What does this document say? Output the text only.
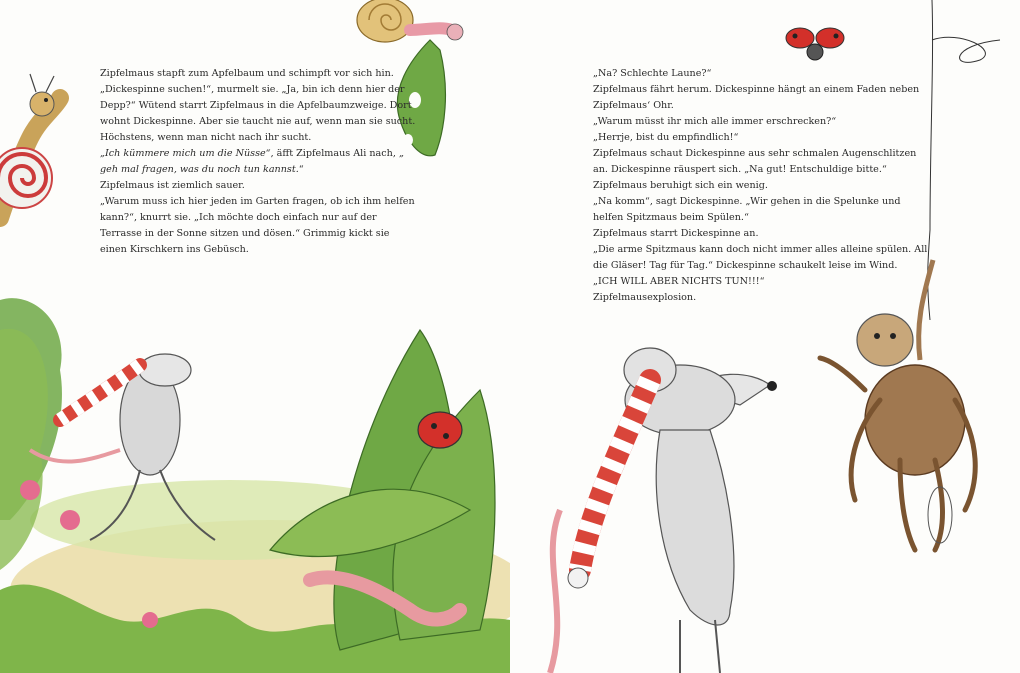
Zipfelmaus stapft zum Apfelbaum und schimpft vor sich hin.

„Dickespinne suchen!“, murmelt sie. „Ja, bin ich denn hier der Depp?“ Wütend starrt Zipfelmaus in die Apfelbaumzweige. Dort wohnt Dickespinne. Aber sie taucht nie auf, wenn man sie sucht. Höchstens, wenn man nicht nach ihr sucht.

„Ich kümmere mich um die Nüsse“, äfft Zipfelmaus Ali nach, „ geh mal fragen, was du noch tun kannst.“

Zipfelmaus ist ziemlich sauer.

„Warum muss ich hier jeden im Garten fragen, ob ich ihm helfen kann?“, knurrt sie. „Ich möchte doch einfach nur auf der Terrasse in der Sonne sitzen und dösen.“ Grimmig kickt sie einen Kirschkern ins Gebüsch.

„Na? Schlechte Laune?“

Zipfelmaus fährt herum. Dickespinne hängt an einem Faden neben Zipfelmaus‘ Ohr.

„Warum müsst ihr mich alle immer erschrecken?“

„Herrje, bist du empfindlich!“

Zipfelmaus schaut Dickespinne aus sehr schmalen Augenschlitzen an. Dickespinne räuspert sich. „Na gut! Entschuldige bitte.“

Zipfelmaus beruhigt sich ein wenig.

„Na komm“, sagt Dickespinne. „Wir gehen in die Spelunke und helfen Spitzmaus beim Spülen.“

Zipfelmaus starrt Dickespinne an.

„Die arme Spitzmaus kann doch nicht immer alles alleine spülen. All die Gläser! Tag für Tag.“ Dickespinne schaukelt leise im Wind.

„ICH WILL ABER NICHTS TUN!!!“

Zipfelmausexplosion.
